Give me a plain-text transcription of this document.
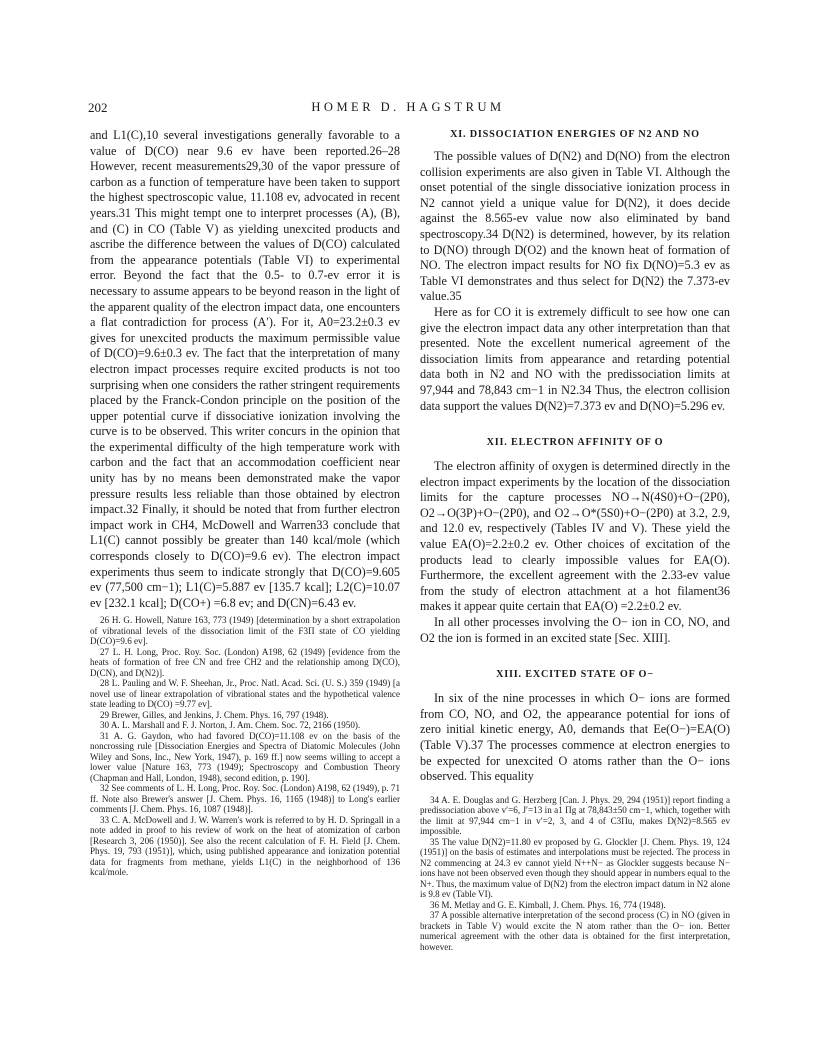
202	HOMER D. HAGSTRUM

and L1(C),10 several investigations generally favorable to a value of D(CO) near 9.6 ev have been reported.26–28 However, recent measurements29,30 of the vapor pressure of carbon as a function of temperature have been taken to support the highest spectroscopic value, 11.108 ev, advocated in recent years.31 This might tempt one to interpret processes (A), (B), and (C) in CO (Table V) as yielding unexcited products and ascribe the difference between the values of D(CO) calculated from the appearance potentials (Table VI) to experimental error. Beyond the fact that the 0.5- to 0.7-ev error it is necessary to assume appears to be beyond reason in the light of the apparent quality of the electron impact data, one encounters a flat contradiction for process (A′). For it, A0=23.2±0.3 ev gives for unexcited products the maximum permissible value of D(CO)=9.6±0.3 ev. The fact that the interpretation of many electron impact processes require excited products is not too surprising when one considers the rather stringent requirements placed by the Franck-Condon principle on the position of the upper potential curve if dissociative ionization involving the curve is to be observed. This writer concurs in the opinion that the experimental difficulty of the high temperature work with carbon and the fact that an accommodation coefficient near unity has by no means been demonstrated make the vapor pressure results less reliable than those obtained by electron impact.32 Finally, it should be noted that from further electron impact work in CH4, McDowell and Warren33 conclude that L1(C) cannot possibly be greater than 140 kcal/mole (which corresponds closely to D(CO)=9.6 ev). The electron impact experiments thus seem to indicate strongly that D(CO)=9.605 ev (77,500 cm−1); L1(C)=5.887 ev [135.7 kcal]; L2(C)=10.07 ev [232.1 kcal]; D(CO+) =6.8 ev; and D(CN)=6.43 ev.

26 H. G. Howell, Nature 163, 773 (1949) [determination by a short extrapolation of vibrational levels of the dissociation limit of the F3Π state of CO yielding D(CO)=9.6 ev].

27 L. H. Long, Proc. Roy. Soc. (London) A198, 62 (1949) [evidence from the heats of formation of free CN and free CH2 and the relationship among D(CO), D(CN), and D(N2)].

28 L. Pauling and W. F. Sheehan, Jr., Proc. Natl. Acad. Sci. (U. S.) 359 (1949) [a novel use of linear extrapolation of vibrational states and the hypothetical valence state leading to D(CO) =9.77 ev].

29 Brewer, Gilles, and Jenkins, J. Chem. Phys. 16, 797 (1948).

30 A. L. Marshall and F. J. Norton, J. Am. Chem. Soc. 72, 2166 (1950).

31 A. G. Gaydon, who had favored D(CO)=11.108 ev on the basis of the noncrossing rule [Dissociation Energies and Spectra of Diatomic Molecules (John Wiley and Sons, Inc., New York, 1947), p. 169 ff.] now seems willing to accept a lower value [Nature 163, 773 (1949); Spectroscopy and Combustion Theory (Chapman and Hall, London, 1948), second edition, p. 190].

32 See comments of L. H. Long, Proc. Roy. Soc. (London) A198, 62 (1949), p. 71 ff. Note also Brewer's answer [J. Chem. Phys. 16, 1165 (1948)] to Long's earlier comments [J. Chem. Phys. 16, 1087 (1948)].

33 C. A. McDowell and J. W. Warren's work is referred to by H. D. Springall in a note added in proof to his review of work on the heat of atomization of carbon [Research 3, 206 (1950)]. See also the recent calculation of F. H. Field [J. Chem. Phys. 19, 793 (1951)], which, using published appearance and ionization potential data for fragments from methane, yields L1(C) in the neighborhood of 136 kcal/mole.

XI. DISSOCIATION ENERGIES OF N2 AND NO

The possible values of D(N2) and D(NO) from the electron collision experiments are also given in Table VI. Although the onset potential of the single dissociative ionization process in N2 cannot yield a unique value for D(N2), it does decide against the 8.565-ev value now also eliminated by band spectroscopy.34 D(N2) is determined, however, by its relation to D(NO) through D(O2) and the known heat of formation of NO. The electron impact results for NO fix D(NO)=5.3 ev as Table VI demonstrates and thus select for D(N2) the 7.373-ev value.35

Here as for CO it is extremely difficult to see how one can give the electron impact data any other interpretation than that presented. Note the excellent numerical agreement of the dissociation limits from appearance and retarding potential data both in N2 and NO with the predissociation limits at 97,944 and 78,843 cm−1 in N2.34 Thus, the electron collision data support the values D(N2)=7.373 ev and D(NO)=5.296 ev.

XII. ELECTRON AFFINITY OF O

The electron affinity of oxygen is determined directly in the electron impact experiments by the location of the dissociation limits for the capture processes NO→N(4S0)+O−(2P0), O2→O(3P)+O−(2P0), and O2→O*(5S0)+O−(2P0) at 3.2, 2.9, and 12.0 ev, respectively (Tables IV and V). These yield the value EA(O)=2.2±0.2 ev. Other choices of excitation of the products lead to clearly impossible values for EA(O). Furthermore, the excellent agreement with the 2.33-ev value from the study of electron attachment at a hot filament36 makes it appear quite certain that EA(O) =2.2±0.2 ev.

In all other processes involving the O− ion in CO, NO, and O2 the ion is formed in an excited state [Sec. XIII].

XIII. EXCITED STATE OF O−

In six of the nine processes in which O− ions are formed from CO, NO, and O2, the appearance potential for ions of zero initial kinetic energy, A0, demands that Ee(O−)=EA(O) (Table V).37 The processes commence at electron energies to be expected for unexcited O atoms rather than the O− ions observed. This equality

34 A. E. Douglas and G. Herzberg [Can. J. Phys. 29, 294 (1951)] report finding a predissociation above v′=6, J′=13 in a1 Πg at 78,843±50 cm−1, which, together with the limit at 97,944 cm−1 in v′=2, 3, and 4 of C3Πu, makes D(N2)=8.565 ev impossible.

35 The value D(N2)=11.80 ev proposed by G. Glockler [J. Chem. Phys. 19, 124 (1951)] on the basis of estimates and interpolations must be rejected. The process in N2 commencing at 24.3 ev cannot yield N++N− as Glockler suggests because N− ions have not been observed even though they should appear in numbers equal to the N+. Thus, the maximum value of D(N2) from the electron impact datum in N2 alone is 9.8 ev (Table VI).

36 M. Metlay and G. E. Kimball, J. Chem. Phys. 16, 774 (1948).

37 A possible alternative interpretation of the second process (C) in NO (given in brackets in Table V) would excite the N atom rather than the O− ion. Better numerical agreement with the other data is obtained for the first interpretation, however.
